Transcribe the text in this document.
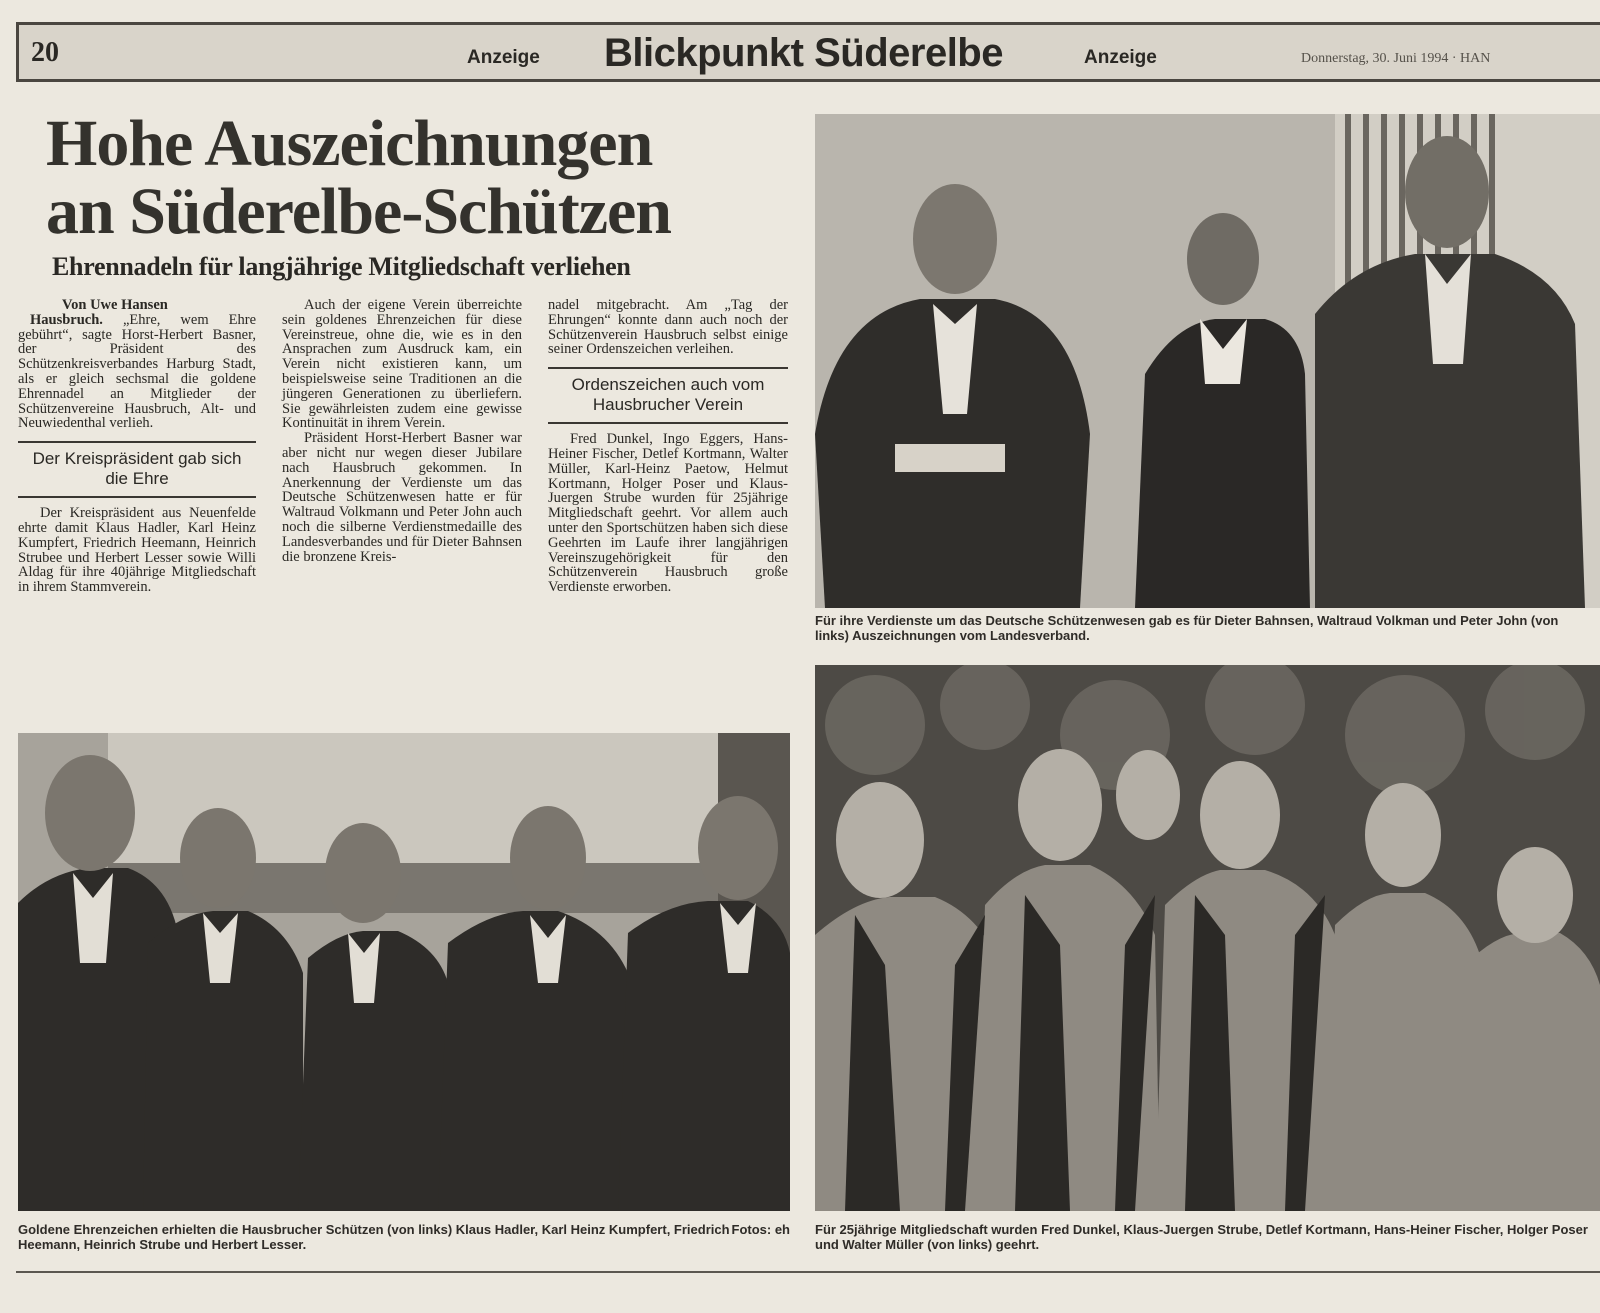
20	Anzeige Blickpunkt Süderelbe	Anzeige	Donnerstag, 30. Juni 1994 · HAN
Hohe Auszeichnungen
an Süderelbe-Schützen
Ehrennadeln für langjährige Mitgliedschaft verliehen

Von Uwe Hansen

Hausbruch. „Ehre, wem Ehre gebührt“, sagte Horst-Herbert Basner, der Präsident des Schützenkreisverbandes Harburg Stadt, als er gleich sechsmal die goldene Ehrennadel an Mitglieder der Schützenvereine Hausbruch, Alt- und Neuwiedenthal verlieh.

Der Kreispräsident gab sich die Ehre

Der Kreispräsident aus Neuenfelde ehrte damit Klaus Hadler, Karl Heinz Kumpfert, Friedrich Heemann, Heinrich Strubee und Herbert Lesser sowie Willi Aldag für ihre 40jährige Mitgliedschaft in ihrem Stammverein.

Auch der eigene Verein überreichte sein goldenes Ehrenzeichen für diese Vereinstreue, ohne die, wie es in den Ansprachen zum Ausdruck kam, ein Verein nicht existieren kann, um beispielsweise seine Traditionen an die jüngeren Generationen zu überliefern. Sie gewährleisten zudem eine gewisse Kontinuität in ihrem Verein.

Präsident Horst-Herbert Basner war aber nicht nur wegen dieser Jubilare nach Hausbruch gekommen. In Anerkennung der Verdienste um das Deutsche Schützenwesen hatte er für Waltraud Volkmann und Peter John auch noch die silberne Verdienstmedaille des Landesverbandes und für Dieter Bahnsen die bronzene Kreis-

nadel mitgebracht. Am „Tag der Ehrungen“ konnte dann auch noch der Schützenverein Hausbruch selbst einige seiner Ordenszeichen verleihen.

Ordenszeichen auch vom Hausbrucher Verein

Fred Dunkel, Ingo Eggers, Hans-Heiner Fischer, Detlef Kortmann, Walter Müller, Karl-Heinz Paetow, Helmut Kortmann, Holger Poser und Klaus-Juergen Strube wurden für 25jährige Mitgliedschaft geehrt. Vor allem auch unter den Sportschützen haben sich diese Geehrten im Laufe ihrer langjährigen Vereinszugehörigkeit für den Schützenverein Hausbruch große Verdienste erworben.

Für ihre Verdienste um das Deutsche Schützenwesen gab es für Dieter Bahnsen, Waltraud Volkman und Peter John (von links) Auszeichnungen vom Landesverband.
Fotos: eh
Goldene Ehrenzeichen erhielten die Hausbrucher Schützen (von links) Klaus Hadler, Karl Heinz Kumpfert, Friedrich Heemann, Heinrich Strube und Herbert Lesser.
Für 25jährige Mitgliedschaft wurden Fred Dunkel, Klaus-Juergen Strube, Detlef Kortmann, Hans-Heiner Fischer, Holger Poser und Walter Müller (von links) geehrt.
